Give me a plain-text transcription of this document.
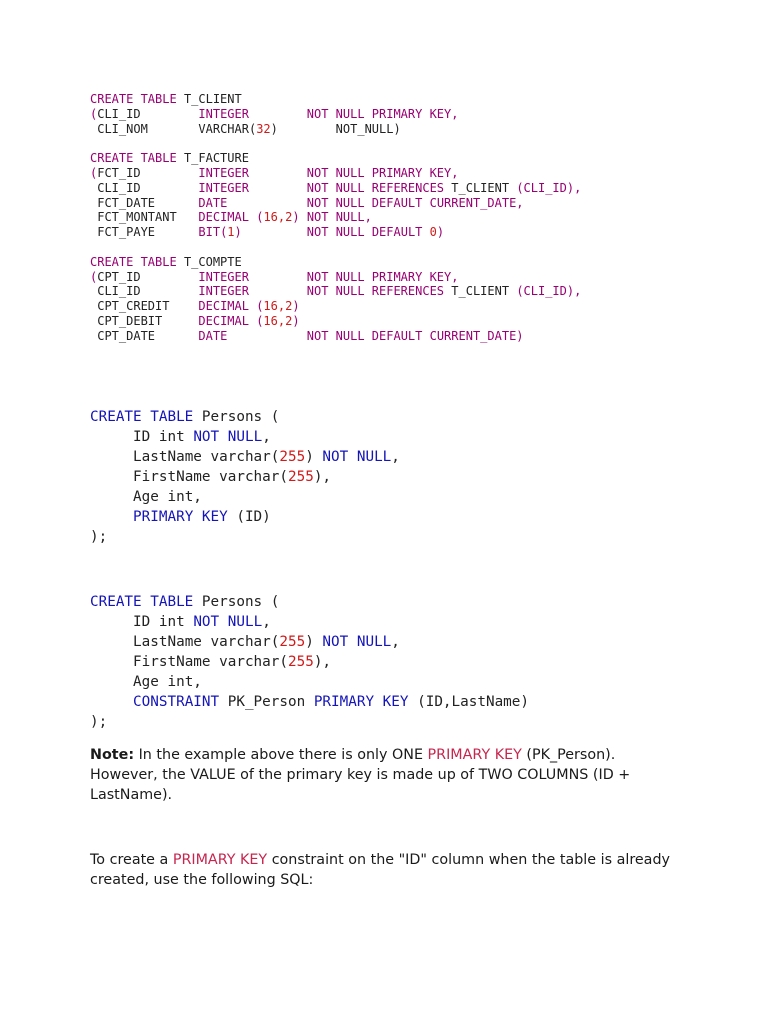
CREATE TABLE T_CLIENT
(CLI_ID	INTEGER	NOT NULL PRIMARY KEY,
CLI_NOM	VARCHAR(32)	NOT_NULL)

CREATE TABLE T_FACTURE
(FCT_ID	INTEGER	NOT NULL PRIMARY KEY,
CLI_ID	INTEGER	NOT NULL REFERENCES T_CLIENT (CLI_ID),
FCT_DATE	DATE	NOT NULL DEFAULT CURRENT_DATE,
FCT_MONTANT DECIMAL (16,2) NOT NULL,
FCT_PAYE	BIT(1)	NOT NULL DEFAULT 0)

CREATE TABLE T_COMPTE
(CPT_ID	INTEGER	NOT NULL PRIMARY KEY,
CLI_ID	INTEGER	NOT NULL REFERENCES T_CLIENT (CLI_ID),
CPT_CREDIT DECIMAL (16,2)
CPT_DEBIT	DECIMAL (16,2)
CPT_DATE	DATE	NOT NULL DEFAULT CURRENT_DATE)
CREATE TABLE Persons (
ID int NOT NULL,
LastName varchar(255) NOT NULL,
FirstName varchar(255),
Age int,
PRIMARY KEY (ID)
);
CREATE TABLE Persons (
ID int NOT NULL,
LastName varchar(255) NOT NULL,
FirstName varchar(255),
Age int,
CONSTRAINT PK_Person PRIMARY KEY (ID,LastName)
);

Note: In the example above there is only ONE PRIMARY KEY (PK_Person). However, the VALUE of the primary key is made up of TWO COLUMNS (ID + LastName).

To create a PRIMARY KEY constraint on the "ID" column when the table is already created, use the following SQL:
